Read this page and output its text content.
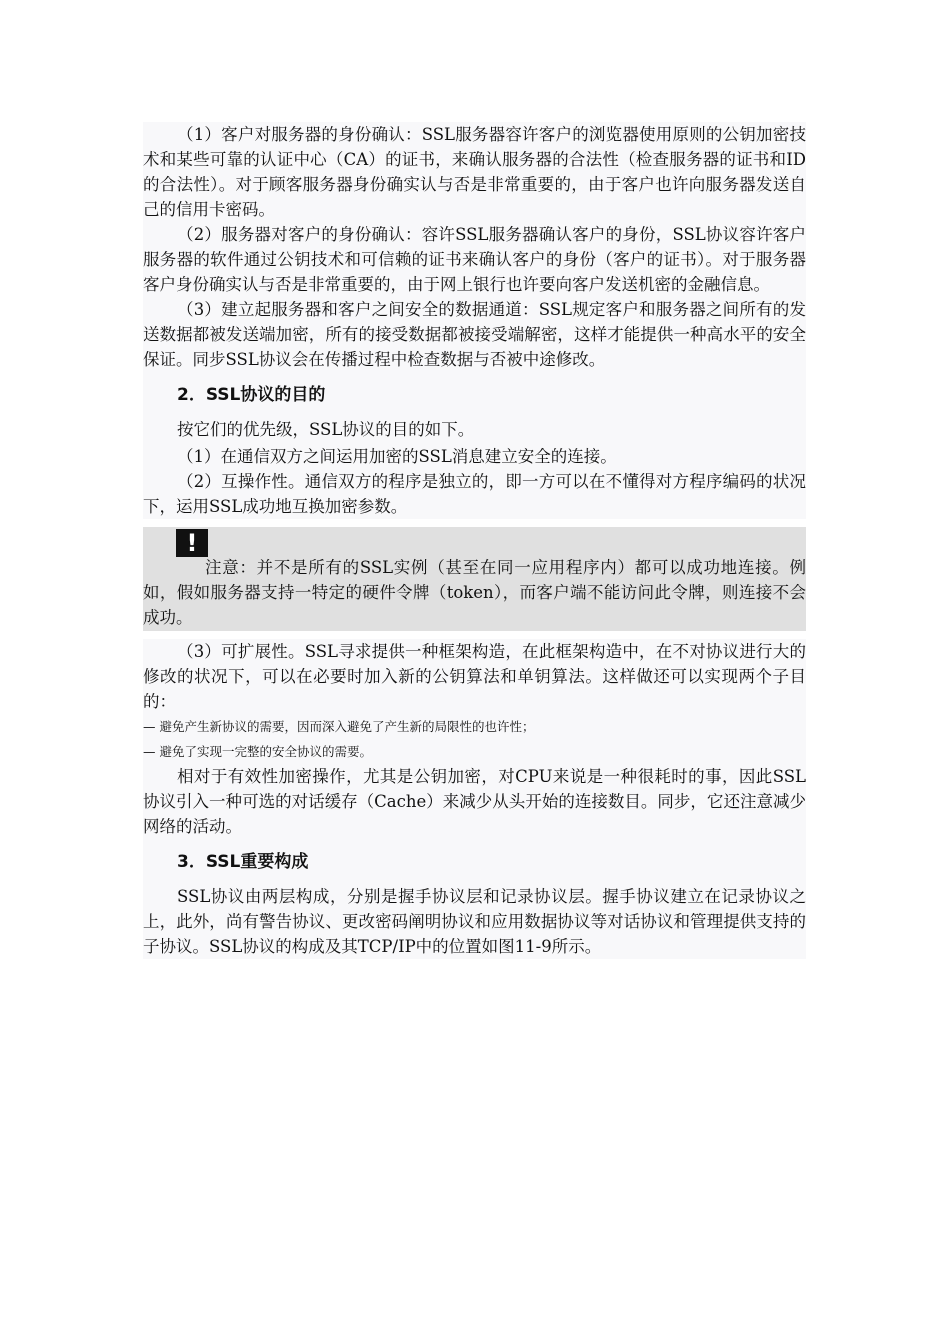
（1）客户对服务器的身份确认：SSL服务器容许客户的浏览器使用原则的公钥加密技术和某些可靠的认证中心（CA）的证书，来确认服务器的合法性（检查服务器的证书和ID的合法性）。对于顾客服务器身份确实认与否是非常重要的，由于客户也许向服务器发送自己的信用卡密码。

（2）服务器对客户的身份确认：容许SSL服务器确认客户的身份，SSL协议容许客户服务器的软件通过公钥技术和可信赖的证书来确认客户的身份（客户的证书）。对于服务器客户身份确实认与否是非常重要的，由于网上银行也许要向客户发送机密的金融信息。

（3）建立起服务器和客户之间安全的数据通道：SSL规定客户和服务器之间所有的发送数据都被发送端加密，所有的接受数据都被接受端解密，这样才能提供一种高水平的安全保证。同步SSL协议会在传播过程中检查数据与否被中途修改。

2．SSL协议的目的

按它们的优先级，SSL协议的目的如下。

（1）在通信双方之间运用加密的SSL消息建立安全的连接。

（2）互操作性。通信双方的程序是独立的，即一方可以在不懂得对方程序编码的状况下，运用SSL成功地互换加密参数。

!

注意：并不是所有的SSL实例（甚至在同一应用程序内）都可以成功地连接。例如，假如服务器支持一特定的硬件令牌（token），而客户端不能访问此令牌，则连接不会成功。

（3）可扩展性。SSL寻求提供一种框架构造，在此框架构造中，在不对协议进行大的修改的状况下，可以在必要时加入新的公钥算法和单钥算法。这样做还可以实现两个子目的：

— 避免产生新协议的需要，因而深入避免了产生新的局限性的也许性；
— 避免了实现一完整的安全协议的需要。

相对于有效性加密操作，尤其是公钥加密，对CPU来说是一种很耗时的事，因此SSL协议引入一种可选的对话缓存（Cache）来减少从头开始的连接数目。同步，它还注意减少网络的活动。

3．SSL重要构成

SSL协议由两层构成，分别是握手协议层和记录协议层。握手协议建立在记录协议之上，此外，尚有警告协议、更改密码阐明协议和应用数据协议等对话协议和管理提供支持的子协议。SSL协议的构成及其TCP/IP中的位置如图11-9所示。
